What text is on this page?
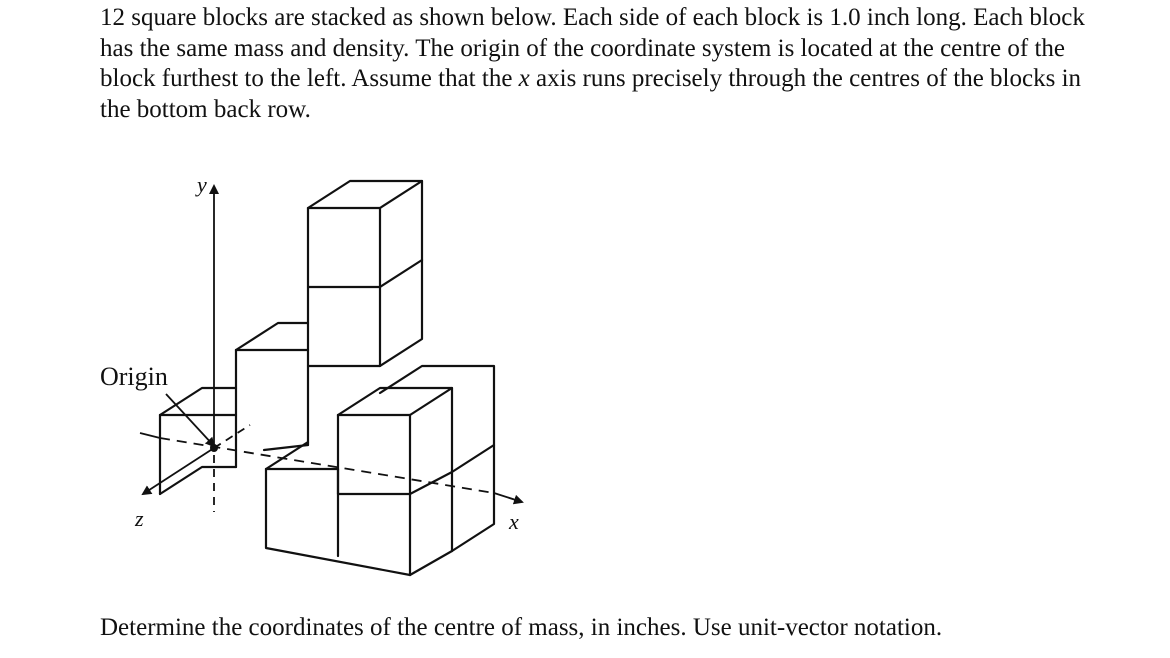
12 square blocks are stacked as shown below. Each side of each block is 1.0 inch long. Each block has the same mass and density. The origin of the coordinate system is located at the centre of the block furthest to the left. Assume that the x axis runs precisely through the centres of the blocks in the bottom back row.

Origin
y
z	x

Determine the coordinates of the centre of mass, in inches. Use unit-vector notation.
